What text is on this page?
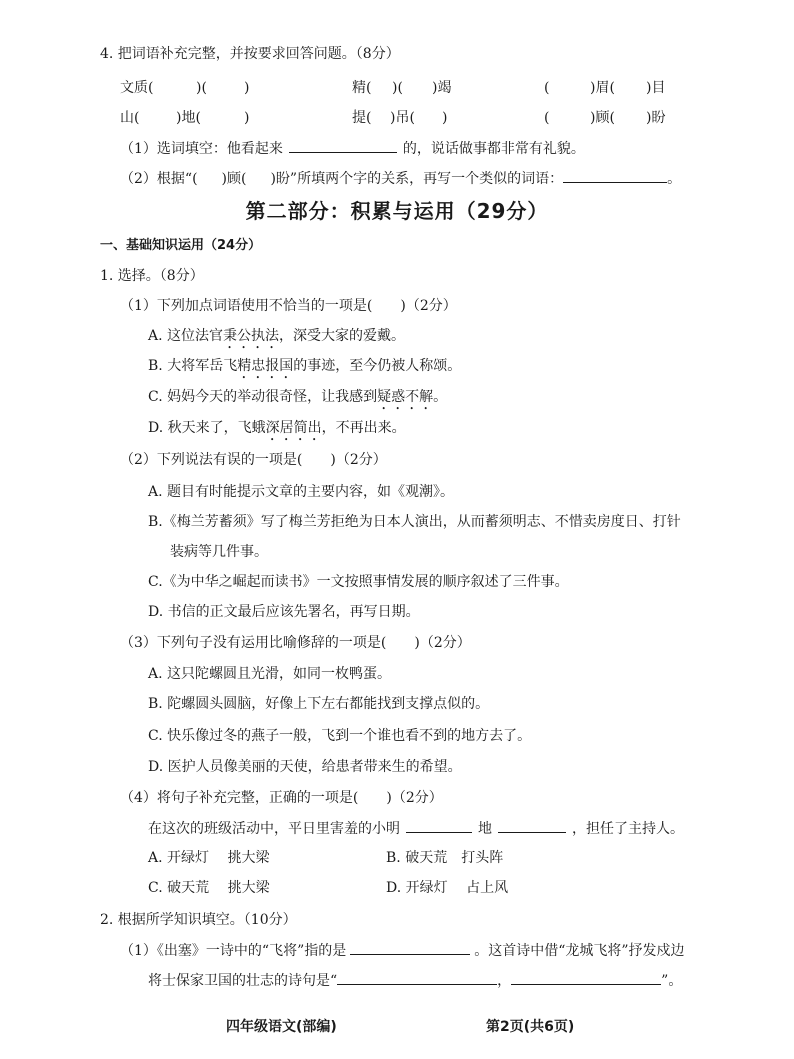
4. 把词语补充完整，并按要求回答问题。（8分）
文质(	)(	)	精( )( )竭	(	)眉( )目
山(	)地(	)	提( )吊( )	(	)顾( )盼
（1）选词填空：他看起来	的，说话做事都非常有礼貌。
（2）根据“( )顾( )盼”所填两个字的关系，再写一个类似的词语：	。
第二部分：积累与运用（29分）
一、基础知识运用（24分）
1. 选择。（8分）
（1）下列加点词语使用不恰当的一项是(　　)（2分）
A. 这位法官秉公执法，深受大家的爱戴。
B. 大将军岳飞精忠报国的事迹，至今仍被人称颂。
C. 妈妈今天的举动很奇怪，让我感到疑惑不解。
D. 秋天来了，飞蛾深居简出，不再出来。
（2）下列说法有误的一项是(　　)（2分）
A. 题目有时能提示文章的主要内容，如《观潮》。
B.《梅兰芳蓄须》写了梅兰芳拒绝为日本人演出，从而蓄须明志、不惜卖房度日、打针
装病等几件事。
C.《为中华之崛起而读书》一文按照事情发展的顺序叙述了三件事。
D. 书信的正文最后应该先署名，再写日期。
（3）下列句子没有运用比喻修辞的一项是(　　)（2分）
A. 这只陀螺圆且光滑，如同一枚鸭蛋。
B. 陀螺圆头圆脑，好像上下左右都能找到支撑点似的。
C. 快乐像过冬的燕子一般，飞到一个谁也看不到的地方去了。
D. 医护人员像美丽的天使，给患者带来生的希望。
（4）将句子补充完整，正确的一项是(　　)（2分）
在这次的班级活动中，平日里害羞的小明	地	，担任了主持人。
A. 开绿灯　 挑大梁	B. 破天荒　打头阵
C. 破天荒　 挑大梁	D. 开绿灯　 占上风
2. 根据所学知识填空。（10分）
（1）《出塞》一诗中的“飞将”指的是	。这首诗中借“龙城飞将”抒发戍边
将士保家卫国的壮志的诗句是“	，	”。
四年级语文(部编)	第2页(共6页)
